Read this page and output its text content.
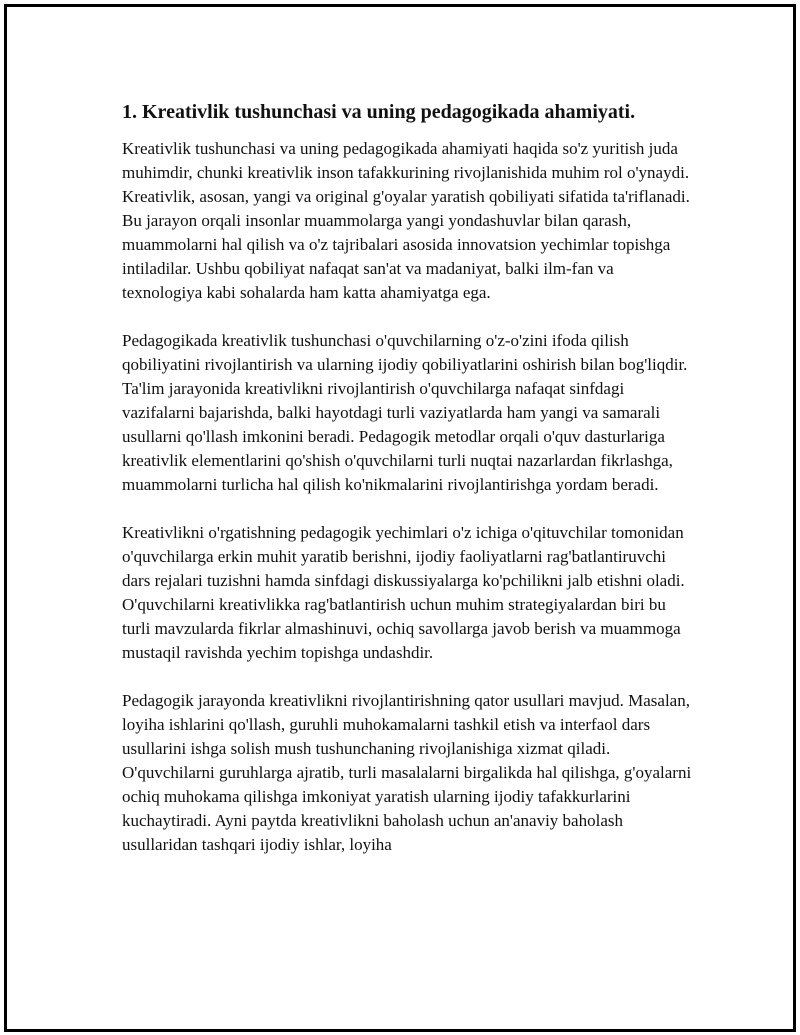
1. Kreativlik tushunchasi va uning pedagogikada ahamiyati.

Kreativlik tushunchasi va uning pedagogikada ahamiyati haqida so'z yuritish juda muhimdir, chunki kreativlik inson tafakkurining rivojlanishida muhim rol o'ynaydi. Kreativlik, asosan, yangi va original g'oyalar yaratish qobiliyati sifatida ta'riflanadi. Bu jarayon orqali insonlar muammolarga yangi yondashuvlar bilan qarash, muammolarni hal qilish va o'z tajribalari asosida innovatsion yechimlar topishga intiladilar. Ushbu qobiliyat nafaqat san'at va madaniyat, balki ilm-fan va texnologiya kabi sohalarda ham katta ahamiyatga ega.

Pedagogikada kreativlik tushunchasi o'quvchilarning o'z-o'zini ifoda qilish qobiliyatini rivojlantirish va ularning ijodiy qobiliyatlarini oshirish bilan bog'liqdir. Ta'lim jarayonida kreativlikni rivojlantirish o'quvchilarga nafaqat sinfdagi vazifalarni bajarishda, balki hayotdagi turli vaziyatlarda ham yangi va samarali usullarni qo'llash imkonini beradi. Pedagogik metodlar orqali o'quv dasturlariga kreativlik elementlarini qo'shish o'quvchilarni turli nuqtai nazarlardan fikrlashga, muammolarni turlicha hal qilish ko'nikmalarini rivojlantirishga yordam beradi.

Kreativlikni o'rgatishning pedagogik yechimlari o'z ichiga o'qituvchilar tomonidan o'quvchilarga erkin muhit yaratib berishni, ijodiy faoliyatlarni rag'batlantiruvchi dars rejalari tuzishni hamda sinfdagi diskussiyalarga ko'pchilikni jalb etishni oladi. O'quvchilarni kreativlikka rag'batlantirish uchun muhim strategiyalardan biri bu turli mavzularda fikrlar almashinuvi, ochiq savollarga javob berish va muammoga mustaqil ravishda yechim topishga undashdir.

Pedagogik jarayonda kreativlikni rivojlantirishning qator usullari mavjud. Masalan, loyiha ishlarini qo'llash, guruhli muhokamalarni tashkil etish va interfaol dars usullarini ishga solish mush tushunchaning rivojlanishiga xizmat qiladi. O'quvchilarni guruhlarga ajratib, turli masalalarni birgalikda hal qilishga, g'oyalarni ochiq muhokama qilishga imkoniyat yaratish ularning ijodiy tafakkurlarini kuchaytiradi. Ayni paytda kreativlikni baholash uchun an'anaviy baholash usullaridan tashqari ijodiy ishlar, loyiha
